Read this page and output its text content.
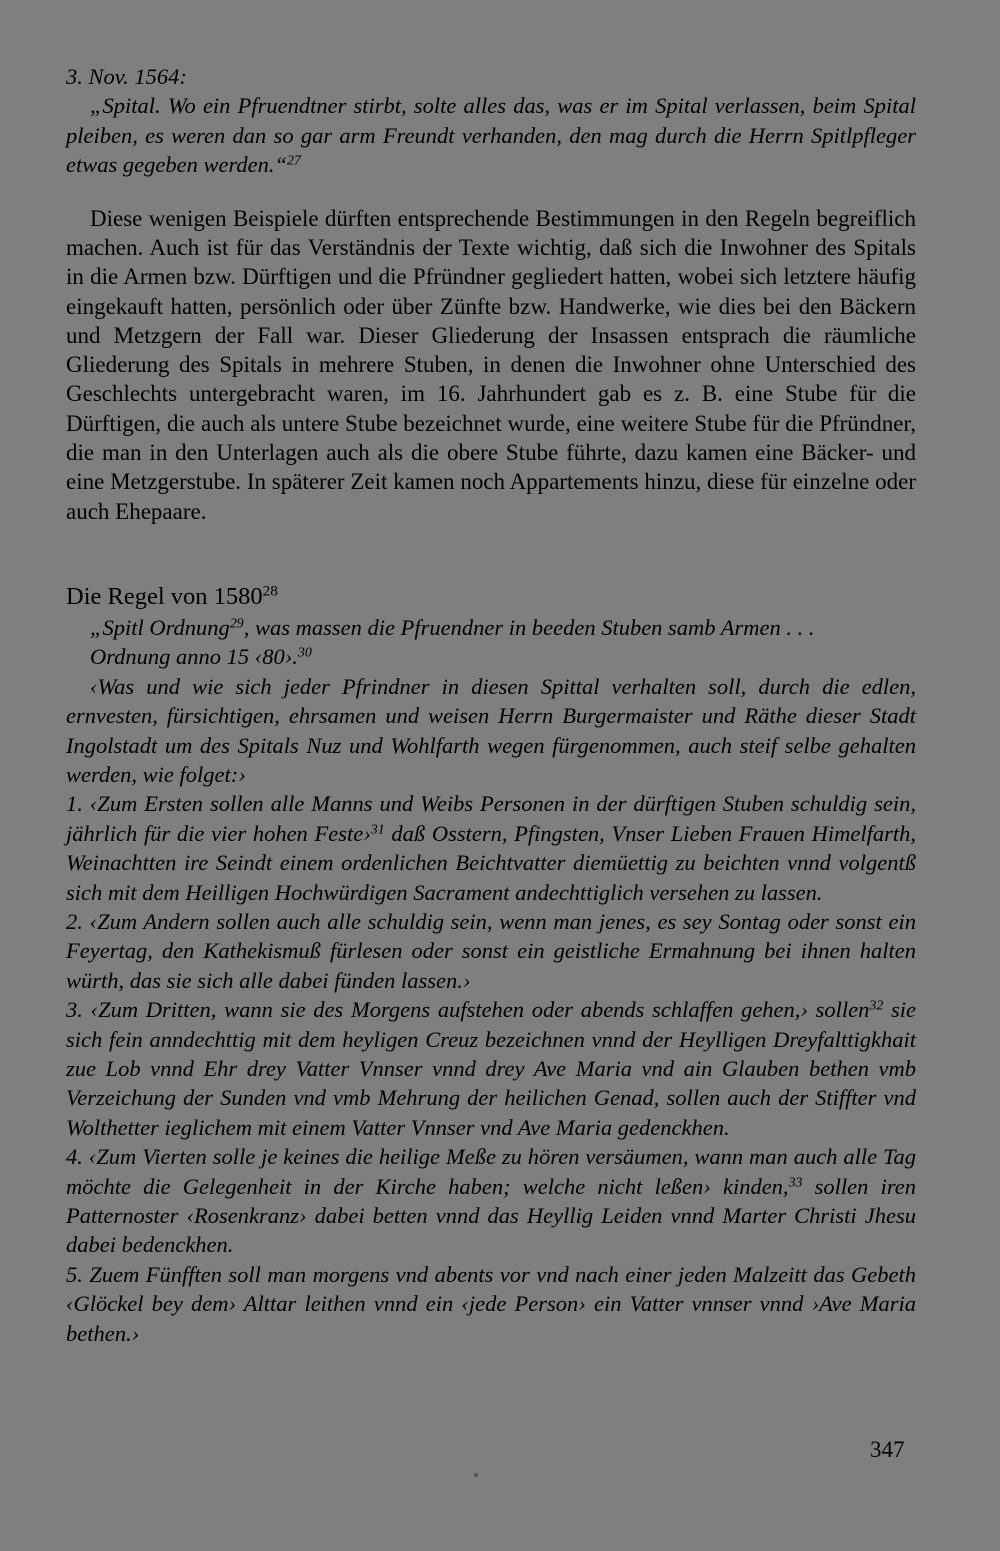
3. Nov. 1564:
„Spital. Wo ein Pfruendtner stirbt, solte alles das, was er im Spital verlassen, beim Spital pleiben, es weren dan so gar arm Freundt verhanden, den mag durch die Herrn Spitlpfleger etwas gegeben werden.“$^{27}$

Diese wenigen Beispiele dürften entsprechende Bestimmungen in den Regeln begreiflich machen. Auch ist für das Verständnis der Texte wichtig, daß sich die Inwohner des Spitals in die Armen bzw. Dürftigen und die Pfründner gegliedert hatten, wobei sich letztere häufig eingekauft hatten, persönlich oder über Zünfte bzw. Handwerke, wie dies bei den Bäckern und Metzgern der Fall war. Dieser Gliederung der Insassen entsprach die räumliche Gliederung des Spitals in mehrere Stuben, in denen die Inwohner ohne Unterschied des Geschlechts untergebracht waren, im 16. Jahrhundert gab es z. B. eine Stube für die Dürftigen, die auch als untere Stube bezeichnet wurde, eine weitere Stube für die Pfründner, die man in den Unterlagen auch als die obere Stube führte, dazu kamen eine Bäcker- und eine Metzgerstube. In späterer Zeit kamen noch Appartements hinzu, diese für einzelne oder auch Ehepaare.

Die Regel von 1580$^{28}$
„Spitl Ordnung$^{29}$, was massen die Pfruendner in beeden Stuben samb Armen . . .
Ordnung anno 15 ‹80›.$^{30}$
‹Was und wie sich jeder Pfrindner in diesen Spittal verhalten soll, durch die edlen, ernvesten, fürsichtigen, ehrsamen und weisen Herrn Burgermaister und Räthe dieser Stadt Ingolstadt um des Spitals Nuz und Wohlfarth wegen fürgenommen, auch steif selbe gehalten werden, wie folget:›
1. ‹Zum Ersten sollen alle Manns und Weibs Personen in der dürftigen Stuben schuldig sein, jährlich für die vier hohen Feste›$^{31}$ daß Osstern, Pfingsten, Vnser Lieben Frauen Himelfarth, Weinachtten ire Seindt einem ordenlichen Beichtvatter diemüettig zu beichten vnnd volgentß sich mit dem Heilligen Hochwürdigen Sacrament andechttiglich versehen zu lassen.
2. ‹Zum Andern sollen auch alle schuldig sein, wenn man jenes, es sey Sontag oder sonst ein Feyertag, den Kathekismuß fürlesen oder sonst ein geistliche Ermahnung bei ihnen halten würth, das sie sich alle dabei fünden lassen.›
3. ‹Zum Dritten, wann sie des Morgens aufstehen oder abends schlaffen gehen,› sollen$^{32}$ sie sich fein anndechttig mit dem heyligen Creuz bezeichnen vnnd der Heylligen Dreyfalttigkhait zue Lob vnnd Ehr drey Vatter Vnnser vnnd drey Ave Maria vnd ain Glauben bethen vmb Verzeichung der Sunden vnd vmb Mehrung der heilichen Genad, sollen auch der Stiffter vnd Wolthetter ieglichem mit einem Vatter Vnnser vnd Ave Maria gedenckhen.
4. ‹Zum Vierten solle je keines die heilige Meße zu hören versäumen, wann man auch alle Tag möchte die Gelegenheit in der Kirche haben; welche nicht leßen› kinden,$^{33}$ sollen iren Patternoster ‹Rosenkranz› dabei betten vnnd das Heyllig Leiden vnnd Marter Christi Jhesu dabei bedenckhen.
5. Zuem Fünfften soll man morgens vnd abents vor vnd nach einer jeden Malzeitt das Gebeth ‹Glöckel bey dem› Alttar leithen vnnd ein ‹jede Person› ein Vatter vnnser vnnd ›Ave Maria bethen.›
347
